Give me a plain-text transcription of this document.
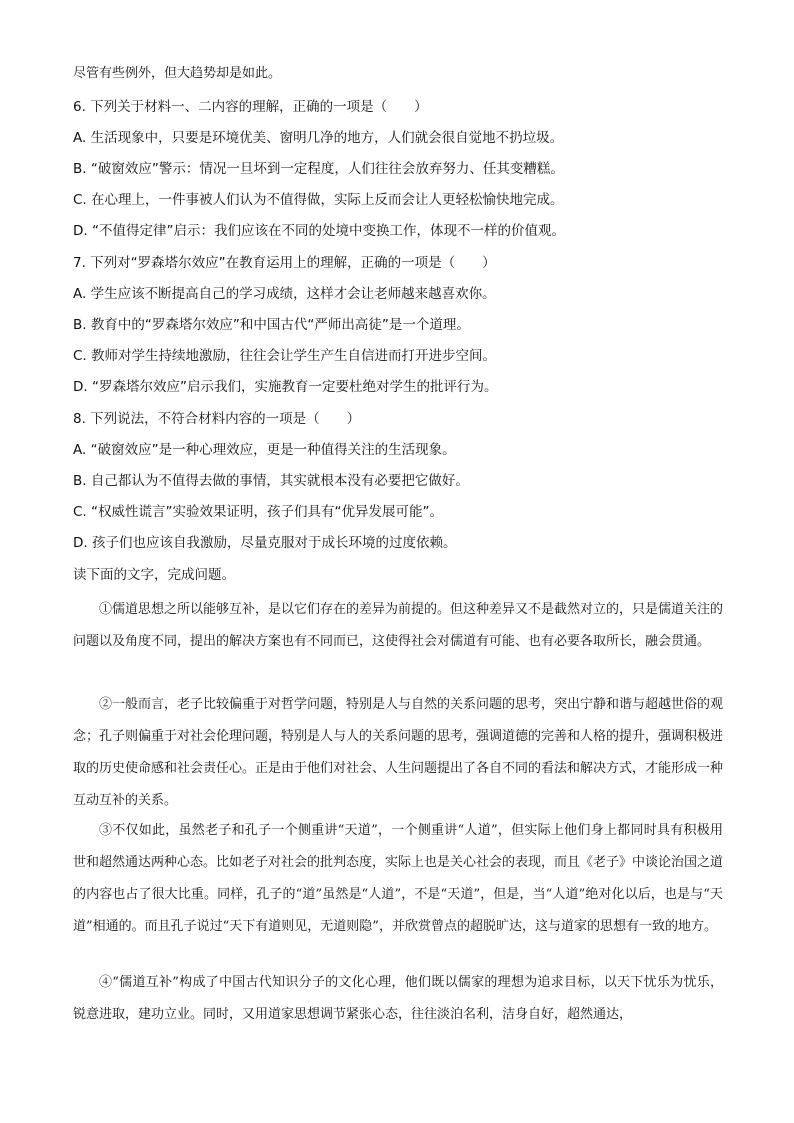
尽管有些例外，但大趋势却是如此。
6. 下列关于材料一、二内容的理解，正确的一项是（　　）
A. 生活现象中，只要是环境优美、窗明几净的地方，人们就会很自觉地不扔垃圾。
B. “破窗效应”警示：情况一旦坏到一定程度，人们往往会放弃努力、任其变糟糕。
C. 在心理上，一件事被人们认为不值得做，实际上反而会让人更轻松愉快地完成。
D. “不值得定律”启示：我们应该在不同的处境中变换工作，体现不一样的价值观。
7. 下列对“罗森塔尔效应”在教育运用上的理解，正确的一项是（　　）
A. 学生应该不断提高自己的学习成绩，这样才会让老师越来越喜欢你。
B. 教育中的“罗森塔尔效应”和中国古代“严师出高徒”是一个道理。
C. 教师对学生持续地激励，往往会让学生产生自信进而打开进步空间。
D. “罗森塔尔效应”启示我们，实施教育一定要杜绝对学生的批评行为。
8. 下列说法，不符合材料内容的一项是（　　）
A. “破窗效应”是一种心理效应，更是一种值得关注的生活现象。
B. 自己都认为不值得去做的事情，其实就根本没有必要把它做好。
C. “权威性谎言”实验效果证明，孩子们具有“优异发展可能”。
D. 孩子们也应该自我激励，尽量克服对于成长环境的过度依赖。
读下面的文字，完成问题。

①儒道思想之所以能够互补，是以它们存在的差异为前提的。但这种差异又不是截然对立的，只是儒道关注的问题以及角度不同，提出的解决方案也有不同而已，这使得社会对儒道有可能、也有必要各取所长，融会贯通。

②一般而言，老子比较偏重于对哲学问题，特别是人与自然的关系问题的思考，突出宁静和谐与超越世俗的观念；孔子则偏重于对社会伦理问题，特别是人与人的关系问题的思考，强调道德的完善和人格的提升，强调积极进取的历史使命感和社会责任心。正是由于他们对社会、人生问题提出了各自不同的看法和解决方式，才能形成一种互动互补的关系。

③不仅如此，虽然老子和孔子一个侧重讲“天道”，一个侧重讲“人道”，但实际上他们身上都同时具有积极用世和超然通达两种心态。比如老子对社会的批判态度，实际上也是关心社会的表现，而且《老子》中谈论治国之道的内容也占了很大比重。同样，孔子的“道”虽然是“人道”，不是“天道”，但是，当“人道”绝对化以后，也是与“天道”相通的。而且孔子说过“天下有道则见，无道则隐”，并欣赏曾点的超脱旷达，这与道家的思想有一致的地方。

④“儒道互补”构成了中国古代知识分子的文化心理，他们既以儒家的理想为追求目标，以天下忧乐为忧乐，锐意进取，建功立业。同时，又用道家思想调节紧张心态，往往淡泊名利，洁身自好，超然通达，
